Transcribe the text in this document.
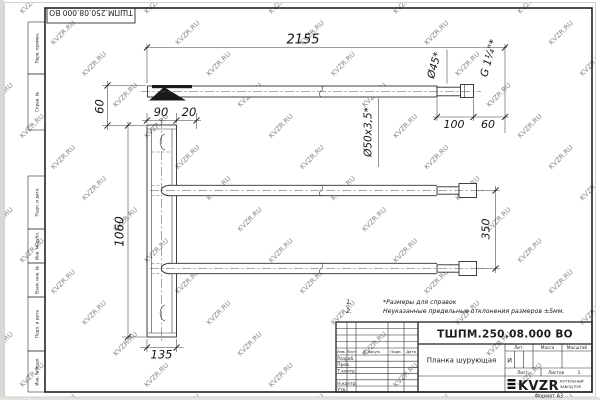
Перв. примен.
Справ. №
Подп. и дата
Инв. № дубл.
Взам. инв. №
Подп. и дата
Инв. № подл.
ТШПМ.250.08.000 ВО
2155
60	90 20
1060
135
Ø50х3,5*
Ø45*	G 1¼"*
100 60
350
1.	*Размеры для справок
2.	Неуказанные предельные отклонения размеров ±5мм.
ТШПМ.250.08.000 ВО
Планка шурующая
Изм. Лист N докум. Подп. Дата
Разраб.
Пров.
Т.контр.
Н.контр.
Утв.
Лит.	Масса	Масштаб
И
Лист	Листов	1
KVZR КОТЕЛЬНЫЙ
ЗАВОД РЭП
Формат А3
